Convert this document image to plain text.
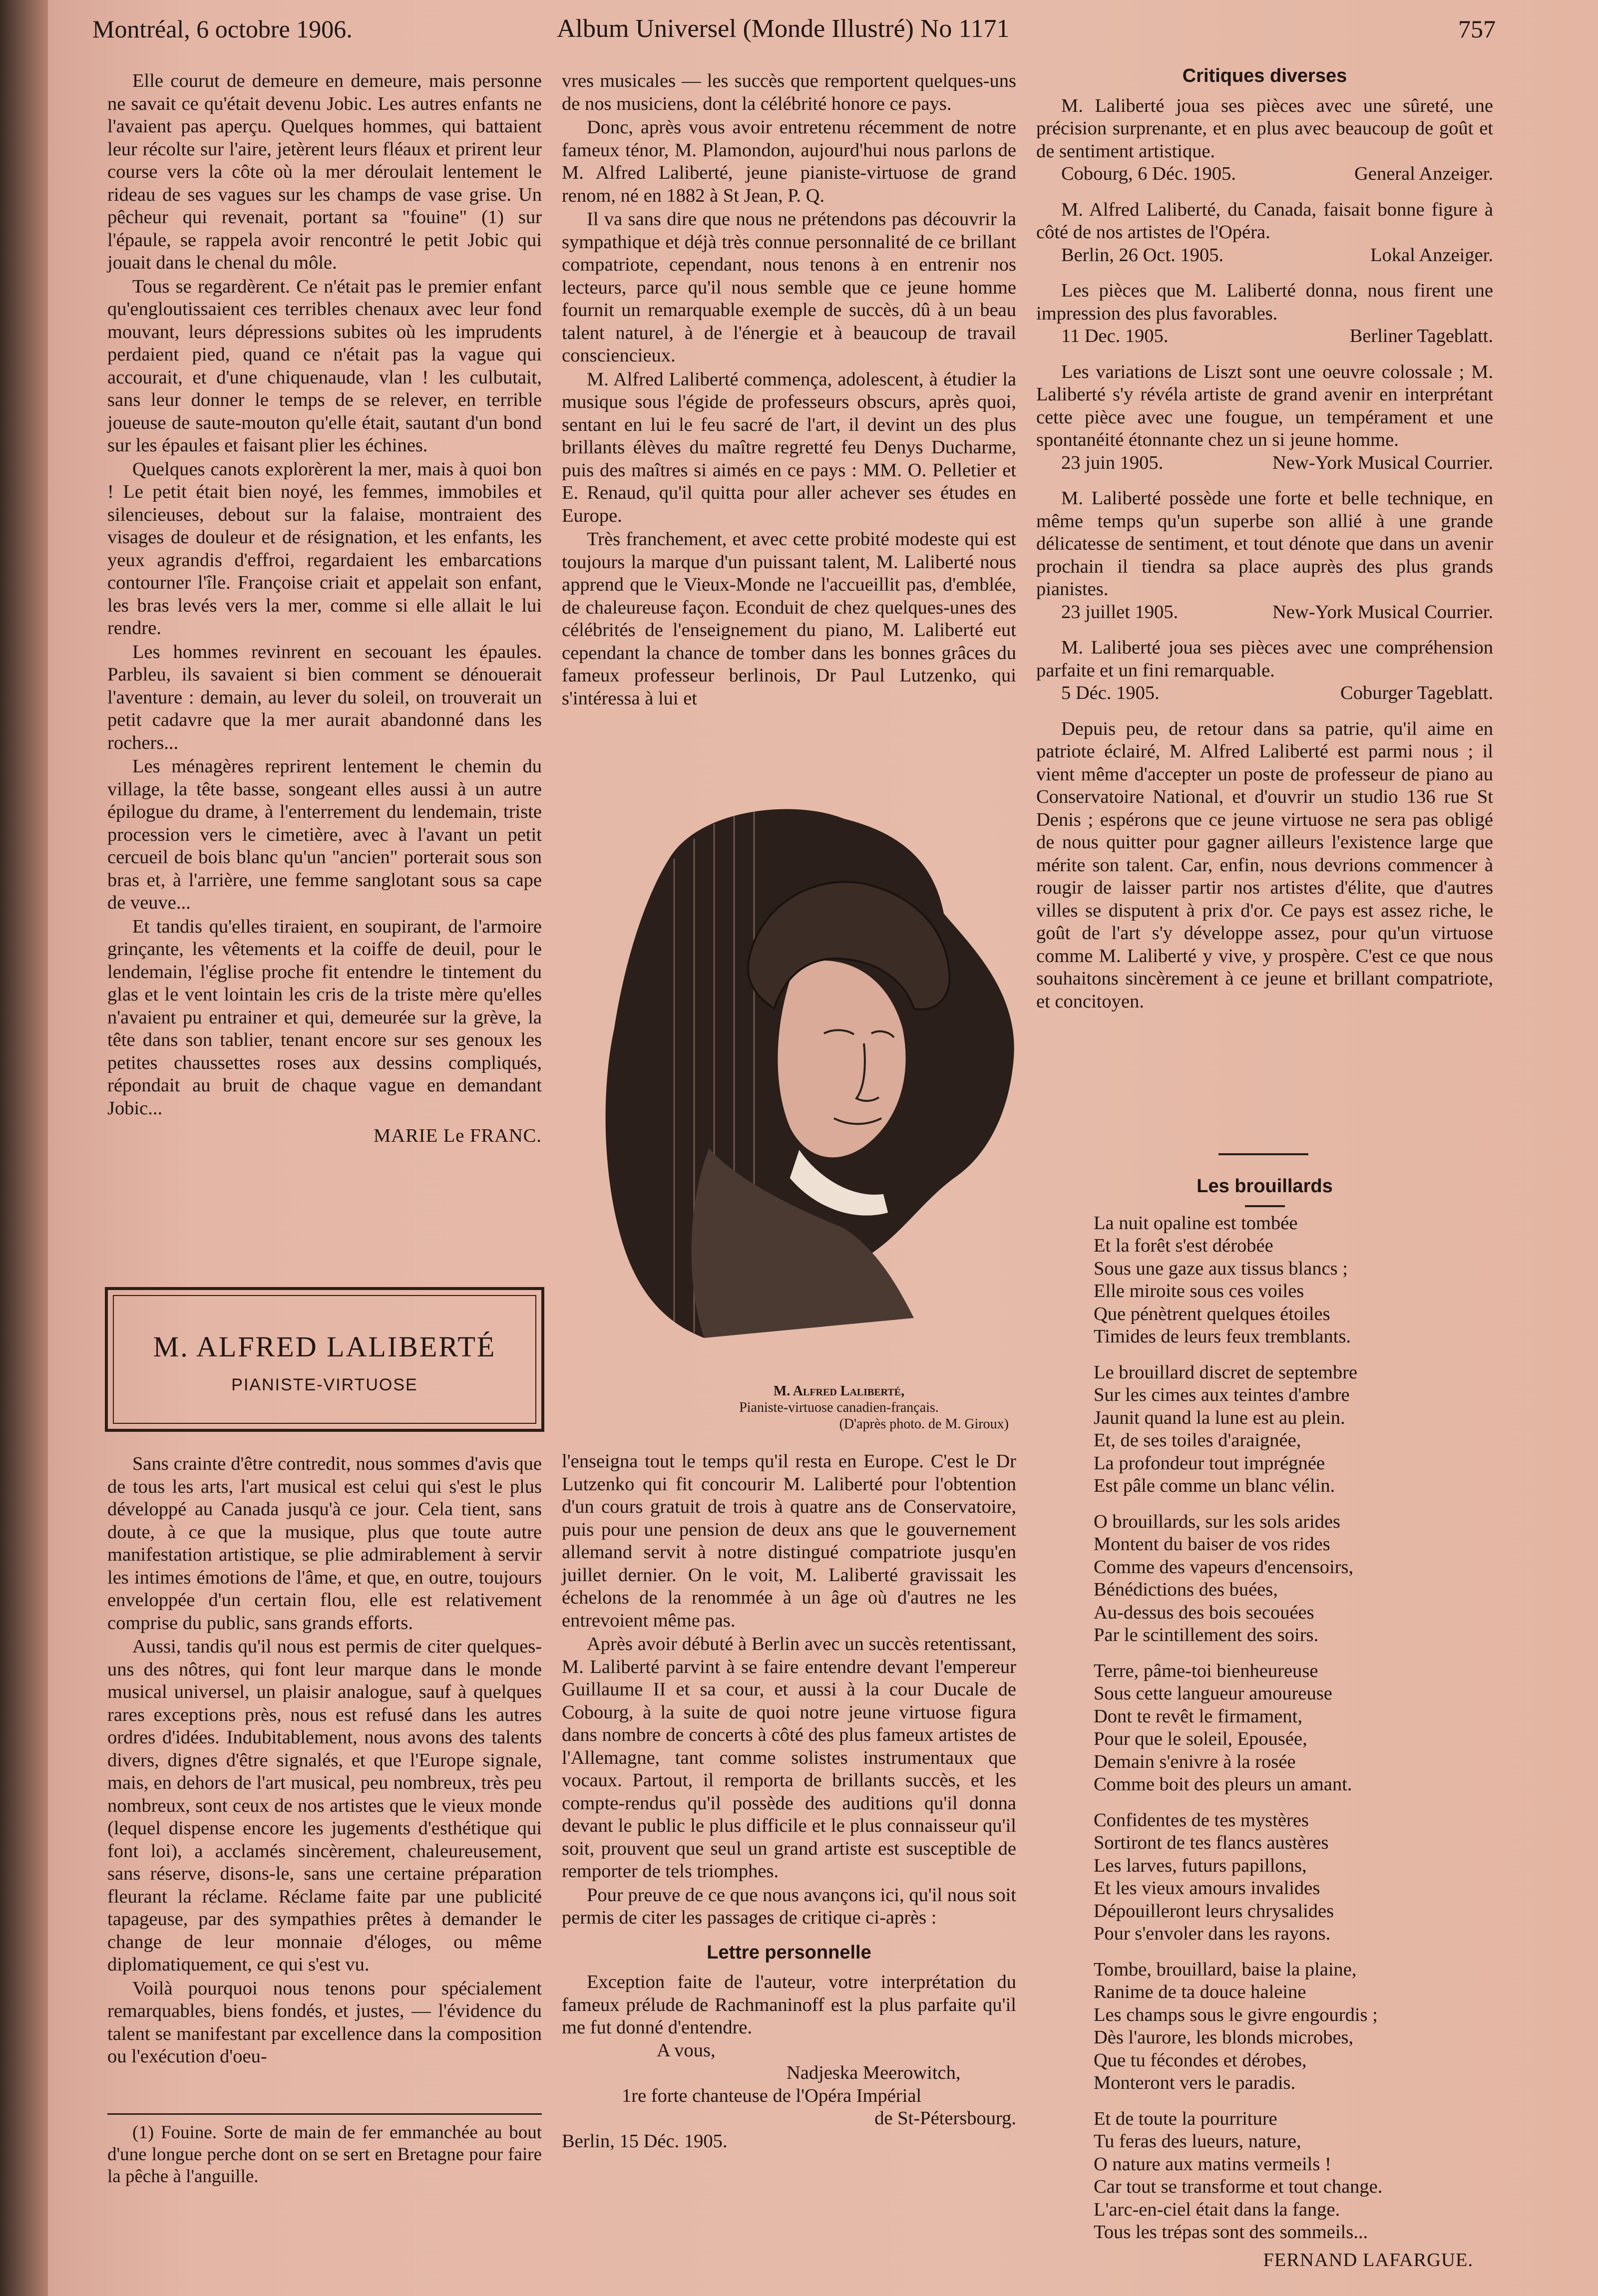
Montréal, 6 octobre 1906.	Album Universel (Monde Illustré) No 1171	757

Elle courut de demeure en demeure, mais personne ne savait ce qu'était devenu Jobic. Les autres enfants ne l'avaient pas aperçu. Quelques hommes, qui battaient leur récolte sur l'aire, jetèrent leurs fléaux et prirent leur course vers la côte où la mer déroulait lentement le rideau de ses vagues sur les champs de vase grise. Un pêcheur qui revenait, portant sa "fouine" (1) sur l'épaule, se rappela avoir rencontré le petit Jobic qui jouait dans le chenal du môle.

Tous se regardèrent. Ce n'était pas le premier enfant qu'engloutissaient ces terribles chenaux avec leur fond mouvant, leurs dépressions subites où les imprudents perdaient pied, quand ce n'était pas la vague qui accourait, et d'une chiquenaude, vlan ! les culbutait, sans leur donner le temps de se relever, en terrible joueuse de saute-mouton qu'elle était, sautant d'un bond sur les épaules et faisant plier les échines.

Quelques canots explorèrent la mer, mais à quoi bon ! Le petit était bien noyé, les femmes, immobiles et silencieuses, debout sur la falaise, montraient des visages de douleur et de résignation, et les enfants, les yeux agrandis d'effroi, regardaient les embarcations contourner l'île. Françoise criait et appelait son enfant, les bras levés vers la mer, comme si elle allait le lui rendre.

Les hommes revinrent en secouant les épaules. Parbleu, ils savaient si bien comment se dénouerait l'aventure : demain, au lever du soleil, on trouverait un petit cadavre que la mer aurait abandonné dans les rochers...

Les ménagères reprirent lentement le chemin du village, la tête basse, songeant elles aussi à un autre épilogue du drame, à l'enterrement du lendemain, triste procession vers le cimetière, avec à l'avant un petit cercueil de bois blanc qu'un "ancien" porterait sous son bras et, à l'arrière, une femme sanglotant sous sa cape de veuve...

Et tandis qu'elles tiraient, en soupirant, de l'armoire grinçante, les vêtements et la coiffe de deuil, pour le lendemain, l'église proche fit entendre le tintement du glas et le vent lointain les cris de la triste mère qu'elles n'avaient pu entrainer et qui, demeurée sur la grève, la tête dans son tablier, tenant encore sur ses genoux les petites chaussettes roses aux dessins compliqués, répondait au bruit de chaque vague en demandant Jobic...

MARIE Le FRANC.
M. ALFRED LALIBERTÉ
PIANISTE-VIRTUOSE

Sans crainte d'être contredit, nous sommes d'avis que de tous les arts, l'art musical est celui qui s'est le plus développé au Canada jusqu'à ce jour. Cela tient, sans doute, à ce que la musique, plus que toute autre manifestation artistique, se plie admirablement à servir les intimes émotions de l'âme, et que, en outre, toujours enveloppée d'un certain flou, elle est relativement comprise du public, sans grands efforts.

Aussi, tandis qu'il nous est permis de citer quelques-uns des nôtres, qui font leur marque dans le monde musical universel, un plaisir analogue, sauf à quelques rares exceptions près, nous est refusé dans les autres ordres d'idées. Indubitablement, nous avons des talents divers, dignes d'être signalés, et que l'Europe signale, mais, en dehors de l'art musical, peu nombreux, très peu nombreux, sont ceux de nos artistes que le vieux monde (lequel dispense encore les jugements d'esthétique qui font loi), a acclamés sincèrement, chaleureusement, sans réserve, disons-le, sans une certaine préparation fleurant la réclame. Réclame faite par une publicité tapageuse, par des sympathies prêtes à demander le change de leur monnaie d'éloges, ou même diplomatiquement, ce qui s'est vu.

Voilà pourquoi nous tenons pour spécialement remarquables, biens fondés, et justes, — l'évidence du talent se manifestant par excellence dans la composition ou l'exécution d'oeu-

(1) Fouine. Sorte de main de fer emmanchée au bout d'une longue perche dont on se sert en Bretagne pour faire la pêche à l'anguille.

vres musicales — les succès que remportent quelques-uns de nos musiciens, dont la célébrité honore ce pays.

Donc, après vous avoir entretenu récemment de notre fameux ténor, M. Plamondon, aujourd'hui nous parlons de M. Alfred Laliberté, jeune pianiste-virtuose de grand renom, né en 1882 à St Jean, P. Q.

Il va sans dire que nous ne prétendons pas découvrir la sympathique et déjà très connue personnalité de ce brillant compatriote, cependant, nous tenons à en entrenir nos lecteurs, parce qu'il nous semble que ce jeune homme fournit un remarquable exemple de succès, dû à un beau talent naturel, à de l'énergie et à beaucoup de travail consciencieux.

M. Alfred Laliberté commença, adolescent, à étudier la musique sous l'égide de professeurs obscurs, après quoi, sentant en lui le feu sacré de l'art, il devint un des plus brillants élèves du maître regretté feu Denys Ducharme, puis des maîtres si aimés en ce pays : MM. O. Pelletier et E. Renaud, qu'il quitta pour aller achever ses études en Europe.

Très franchement, et avec cette probité modeste qui est toujours la marque d'un puissant talent, M. Laliberté nous apprend que le Vieux-Monde ne l'accueillit pas, d'emblée, de chaleureuse façon. Econduit de chez quelques-unes des célébrités de l'enseignement du piano, M. Laliberté eut cependant la chance de tomber dans les bonnes grâces du fameux professeur berlinois, Dr Paul Lutzenko, qui s'intéressa à lui et

M. Alfred Laliberté,
Pianiste-virtuose canadien-français.
(D'après photo. de M. Giroux)

l'enseigna tout le temps qu'il resta en Europe. C'est le Dr Lutzenko qui fit concourir M. Laliberté pour l'obtention d'un cours gratuit de trois à quatre ans de Conservatoire, puis pour une pension de deux ans que le gouvernement allemand servit à notre distingué compatriote jusqu'en juillet dernier. On le voit, M. Laliberté gravissait les échelons de la renommée à un âge où d'autres ne les entrevoient même pas.

Après avoir débuté à Berlin avec un succès retentissant, M. Laliberté parvint à se faire entendre devant l'empereur Guillaume II et sa cour, et aussi à la cour Ducale de Cobourg, à la suite de quoi notre jeune virtuose figura dans nombre de concerts à côté des plus fameux artistes de l'Allemagne, tant comme solistes instrumentaux que vocaux. Partout, il remporta de brillants succès, et les compte-rendus qu'il possède des auditions qu'il donna devant le public le plus difficile et le plus connaisseur qu'il soit, prouvent que seul un grand artiste est susceptible de remporter de tels triomphes.

Pour preuve de ce que nous avançons ici, qu'il nous soit permis de citer les passages de critique ci-après :

Lettre personnelle

Exception faite de l'auteur, votre interprétation du fameux prélude de Rachmaninoff est la plus parfaite qu'il me fut donné d'entendre.

A vous,
Nadjeska Meerowitch,
1re forte chanteuse de l'Opéra Impérial
de St-Pétersbourg.
Berlin, 15 Déc. 1905.
Critiques diverses

M. Laliberté joua ses pièces avec une sûreté, une précision surprenante, et en plus avec beaucoup de goût et de sentiment artistique.

Cobourg, 6 Déc. 1905.	General Anzeiger.

M. Alfred Laliberté, du Canada, faisait bonne figure à côté de nos artistes de l'Opéra.

Berlin, 26 Oct. 1905.	Lokal Anzeiger.

Les pièces que M. Laliberté donna, nous firent une impression des plus favorables.

11 Dec. 1905.	Berliner Tageblatt.

Les variations de Liszt sont une oeuvre colossale ; M. Laliberté s'y révéla artiste de grand avenir en interprétant cette pièce avec une fougue, un tempérament et une spontanéité étonnante chez un si jeune homme.

23 juin 1905.	New-York Musical Courrier.

M. Laliberté possède une forte et belle technique, en même temps qu'un superbe son allié à une grande délicatesse de sentiment, et tout dénote que dans un avenir prochain il tiendra sa place auprès des plus grands pianistes.

23 juillet 1905.	New-York Musical Courrier.

M. Laliberté joua ses pièces avec une compréhension parfaite et un fini remarquable.

5 Déc. 1905.	Coburger Tageblatt.

Depuis peu, de retour dans sa patrie, qu'il aime en patriote éclairé, M. Alfred Laliberté est parmi nous ; il vient même d'accepter un poste de professeur de piano au Conservatoire National, et d'ouvrir un studio 136 rue St Denis ; espérons que ce jeune virtuose ne sera pas obligé de nous quitter pour gagner ailleurs l'existence large que mérite son talent. Car, enfin, nous devrions commencer à rougir de laisser partir nos artistes d'élite, que d'autres villes se disputent à prix d'or. Ce pays est assez riche, le goût de l'art s'y développe assez, pour qu'un virtuose comme M. Laliberté y vive, y prospère. C'est ce que nous souhaitons sincèrement à ce jeune et brillant compatriote, et concitoyen.

Les brouillards
La nuit opaline est tombée
Et la forêt s'est dérobée
Sous une gaze aux tissus blancs ;
Elle miroite sous ces voiles
Que pénètrent quelques étoiles
Timides de leurs feux tremblants.
Le brouillard discret de septembre
Sur les cimes aux teintes d'ambre
Jaunit quand la lune est au plein.
Et, de ses toiles d'araignée,
La profondeur tout imprégnée
Est pâle comme un blanc vélin.
O brouillards, sur les sols arides
Montent du baiser de vos rides
Comme des vapeurs d'encensoirs,
Bénédictions des buées,
Au-dessus des bois secouées
Par le scintillement des soirs.
Terre, pâme-toi bienheureuse
Sous cette langueur amoureuse
Dont te revêt le firmament,
Pour que le soleil, Epousée,
Demain s'enivre à la rosée
Comme boit des pleurs un amant.
Confidentes de tes mystères
Sortiront de tes flancs austères
Les larves, futurs papillons,
Et les vieux amours invalides
Dépouilleront leurs chrysalides
Pour s'envoler dans les rayons.
Tombe, brouillard, baise la plaine,
Ranime de ta douce haleine
Les champs sous le givre engourdis ;
Dès l'aurore, les blonds microbes,
Que tu fécondes et dérobes,
Monteront vers le paradis.
Et de toute la pourriture
Tu feras des lueurs, nature,
O nature aux matins vermeils !
Car tout se transforme et tout change.
L'arc-en-ciel était dans la fange.
Tous les trépas sont des sommeils...
FERNAND LAFARGUE.
